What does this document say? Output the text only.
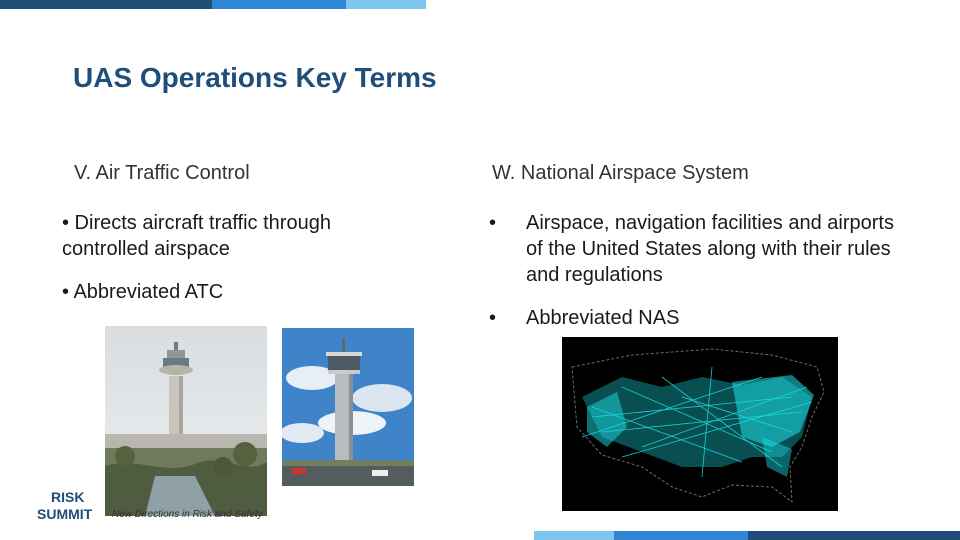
UAS Operations Key Terms
V. Air Traffic Control
• Directs aircraft traffic through controlled airspace
• Abbreviated ATC
W. National Airspace System
• Airspace, navigation facilities and airports of the United States along with their rules and regulations
• Abbreviated NAS
RISK
SUMMIT New Directions in Risk and Safety
